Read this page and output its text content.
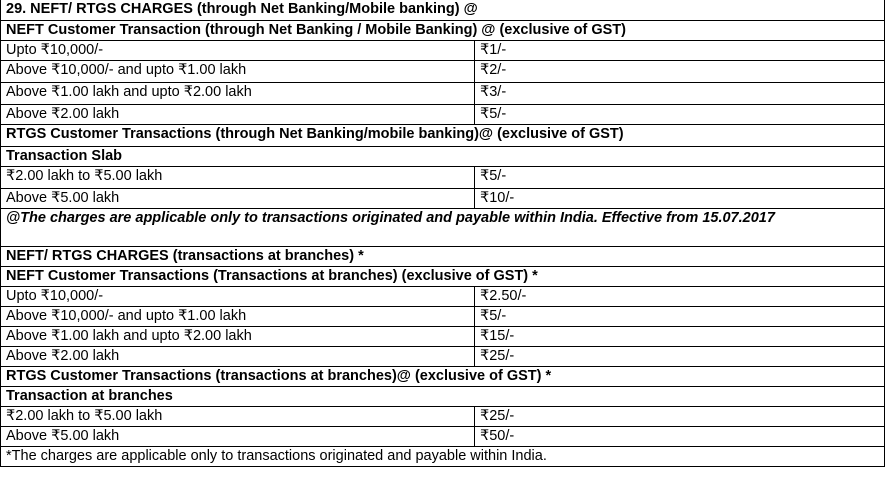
29. NEFT/ RTGS CHARGES (through Net Banking/Mobile banking) @
NEFT Customer Transaction (through Net Banking / Mobile Banking) @ (exclusive of GST)
Upto ₹10,000/-	₹1/-
Above ₹10,000/- and upto ₹1.00 lakh	₹2/-
Above ₹1.00 lakh and upto ₹2.00 lakh	₹3/-
Above ₹2.00 lakh	₹5/-
RTGS Customer Transactions (through Net Banking/mobile banking)@ (exclusive of GST)
Transaction Slab
₹2.00 lakh to ₹5.00 lakh	₹5/-
Above ₹5.00 lakh	₹10/-
@The charges are applicable only to transactions originated and payable within India. Effective from 15.07.2017
NEFT/ RTGS CHARGES (transactions at branches) *
NEFT Customer Transactions (Transactions at branches) (exclusive of GST) *
Upto ₹10,000/-	₹2.50/-
Above ₹10,000/- and upto ₹1.00 lakh	₹5/-
Above ₹1.00 lakh and upto ₹2.00 lakh	₹15/-
Above ₹2.00 lakh	₹25/-
RTGS Customer Transactions (transactions at branches)@ (exclusive of GST) *
Transaction at branches
₹2.00 lakh to ₹5.00 lakh	₹25/-
Above ₹5.00 lakh	₹50/-
*The charges are applicable only to transactions originated and payable within India.
